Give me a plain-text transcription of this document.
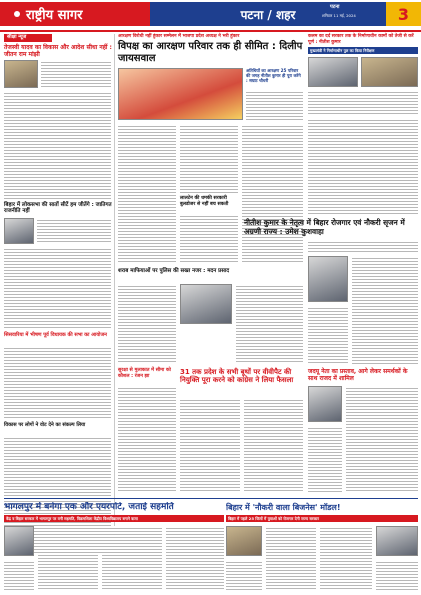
राष्ट्रीय सागर	पटना / शहर	3
पटना
शनिवार 11 मई, 2024
सीक्षा न्यूज
तेजस्वी यादव का विकास और आदेश सीधा नहीं : जीतन राम मांझी
बिहार में लोकसभा की सातों सीटें हम जीतेंगे : जातिगत राजनीति नहीं
सिसवारिया में भीषण पूर्व विधायक की सभा का आयोजन
विकास पर लोगों ने वोट देने का संकल्प लिया
आरक्षण विरोधी नहीं हुंकार सम्मेलन में भाजपा प्रदेश अध्यक्ष ने भरी हुंकार
विपक्ष का आरक्षण परिवार तक ही सीमित : दिलीप जायसवाल
अतिथियों का आरक्षण 25 परिवार की जगह नीतीश कुमार ही पूरा करेंगे : सम्राट चौधरी
लालटेन की धमकी सरकारी बुलडोजर से नहीं बच सकती
शराब माफियाओं पर पुलिस की सख्त नजर : मदन प्रसाद
सुरक्षा से मुलाकात में सीमा को कौशल : रंजन झा
31 तक प्रदेश के सभी बूथों पर वीवीपैट की नियुक्ति पूरा करने को कांग्रेस ने लिया फैसला
कलम का दर्द सरकार तक के निर्माणाधीन कामों को तेजी से करें पूर्ण : नीतीश कुमार
मुख्यमंत्री ने निर्माणाधीन पुल का किया निरीक्षण
नीतीश कुमार के नेतृत्व में बिहार रोजगार एवं नौकरी सृजन में अग्रणी राज्य : उमेश कुशवाहा
जदयू नेता का प्रस्ताव, आगे लेकर समर्थकों के साथ राजद में शामिल
भागलपुर में बनेगा एक और एयरपोर्ट, जताई सहमति	बिहार में 'नौकरी वाला बिजनेस' मॉडल!
केंद्र व बिहार सरकार में भागलपुर पर वनी सहमति, विक्रमशिला केंद्रीय विश्वविद्यालय बनाने वाला	बिहार में पहले 25 जिलों में युवाओं को रोजगार देगी राज्य सरकार
